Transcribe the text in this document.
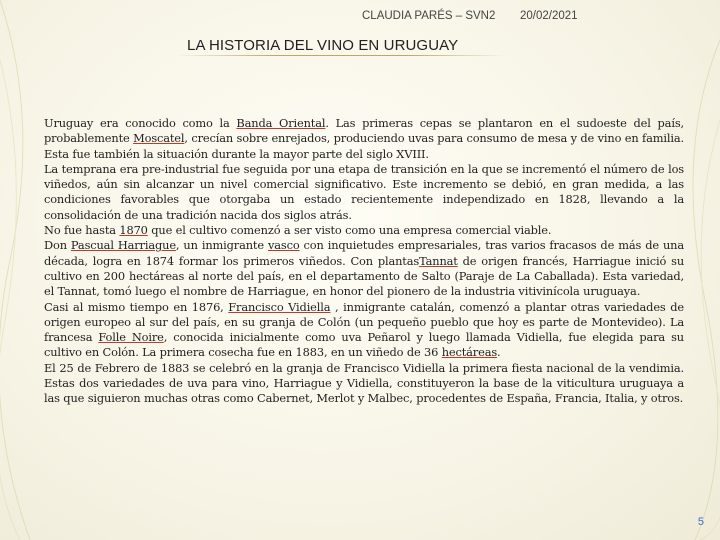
CLAUDIA PARÉS – SVN2 20/02/2021
LA HISTORIA DEL VINO EN URUGUAY

Uruguay era conocido como la Banda Oriental. Las primeras cepas se plantaron en el sudoeste del país, probablemente Moscatel, crecían sobre enrejados, produciendo uvas para consumo de mesa y de vino en familia. Esta fue también la situación durante la mayor parte del siglo XVIII.

La temprana era pre-industrial fue seguida por una etapa de transición en la que se incrementó el número de los viñedos, aún sin alcanzar un nivel comercial significativo. Este incremento se debió, en gran medida, a las condiciones favorables que otorgaba un estado recientemente independizado en 1828, llevando a la consolidación de una tradición nacida dos siglos atrás.

No fue hasta 1870 que el cultivo comenzó a ser visto como una empresa comercial viable.

Don Pascual Harriague, un inmigrante vasco con inquietudes empresariales, tras varios fracasos de más de una década, logra en 1874 formar los primeros viñedos. Con plantasTannat de origen francés, Harriague inició su cultivo en 200 hectáreas al norte del país, en el departamento de Salto (Paraje de La Caballada). Esta variedad, el Tannat, tomó luego el nombre de Harriague, en honor del pionero de la industria vitivinícola uruguaya.

Casi al mismo tiempo en 1876, Francisco Vidiella , inmigrante catalán, comenzó a plantar otras variedades de origen europeo al sur del país, en su granja de Colón (un pequeño pueblo que hoy es parte de Montevideo). La francesa Folle Noire, conocida inicialmente como uva Peñarol y luego llamada Vidiella, fue elegida para su cultivo en Colón. La primera cosecha fue en 1883, en un viñedo de 36 hectáreas.

El 25 de Febrero de 1883 se celebró en la granja de Francisco Vidiella la primera fiesta nacional de la vendimia. Estas dos variedades de uva para vino, Harriague y Vidiella, constituyeron la base de la viticultura uruguaya a las que siguieron muchas otras como Cabernet, Merlot y Malbec, procedentes de España, Francia, Italia, y otros.

5
